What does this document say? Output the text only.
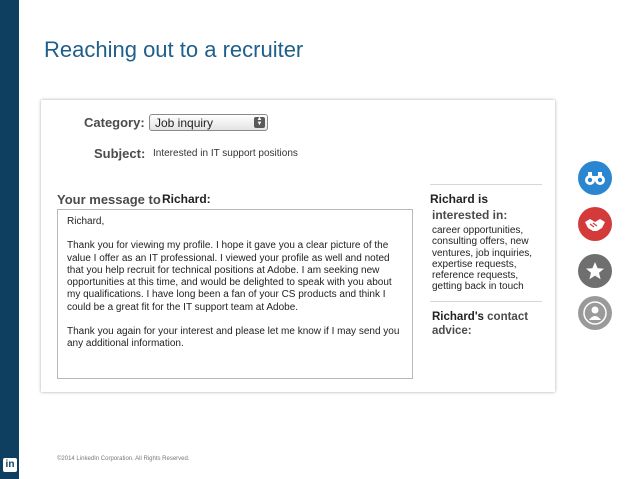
in
Reaching out to a recruiter
Category: Job inquiry	▲
▼
Subject: Interested in IT support positions
Your message to Richard:

Richard,

Thank you for viewing my profile. I hope it gave you a clear picture of the value I offer as an IT professional. I viewed your profile as well and noted that you help recruit for technical positions at Adobe. I am seeking new opportunities at this time, and would be delighted to speak with you about my qualifications. I have long been a fan of your CS products and think I could be a great fit for the IT support team at Adobe.

Thank you again for your interest and please let me know if I may send you any additional information.

Richard is
interested in:
career opportunities,
consulting offers, new
ventures, job inquiries,
expertise requests,
reference requests,
getting back in touch
Richard's contact
advice:
©2014 LinkedIn Corporation. All Rights Reserved.
